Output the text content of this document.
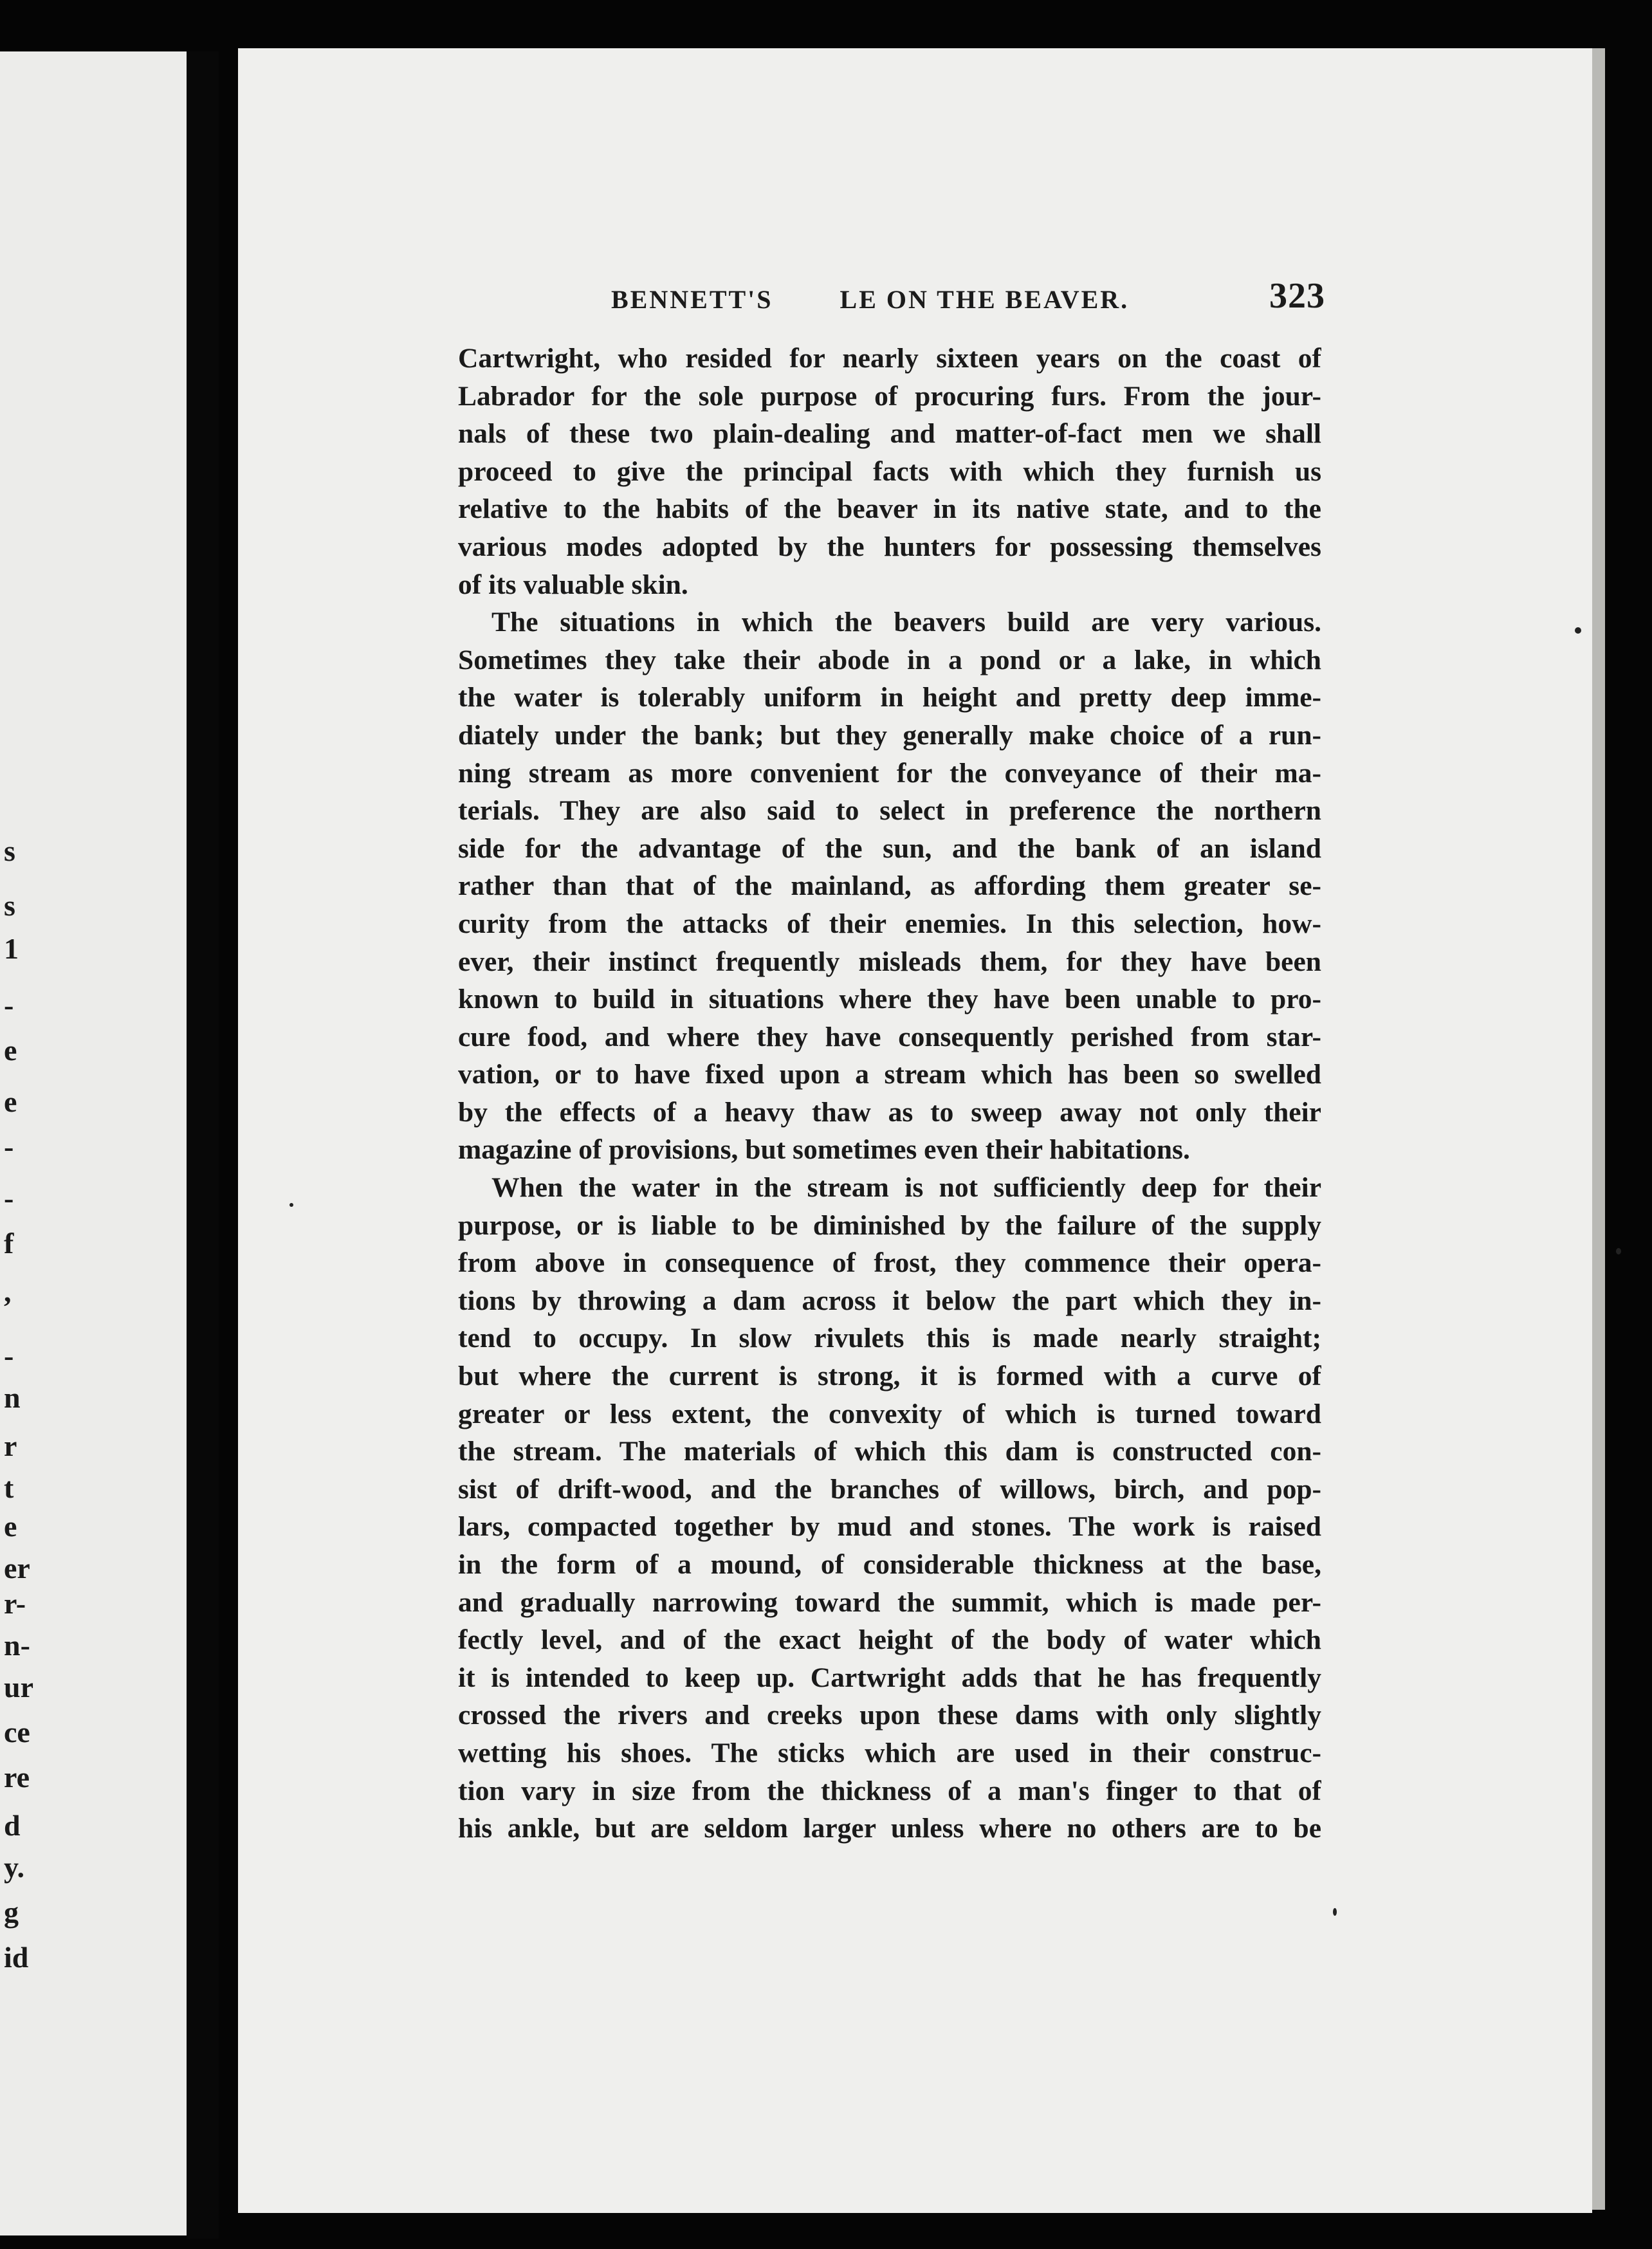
s
s
1
-
e
e
-
-
f
,
-
n
r
t
e
er
r-
n-
ur
ce
re
d
y.
g
id
BENNETT'S        LE ON THE BEAVER.	323
Cartwright, who resided for nearly sixteen years on the coast of
Labrador for the sole purpose of procuring furs. From the jour-
nals of these two plain-dealing and matter-of-fact men we shall
proceed to give the principal facts with which they furnish us
relative to the habits of the beaver in its native state, and to the
various modes adopted by the hunters for possessing themselves
of its valuable skin.
The situations in which the beavers build are very various.
Sometimes they take their abode in a pond or a lake, in which
the water is tolerably uniform in height and pretty deep imme-
diately under the bank; but they generally make choice of a run-
ning stream as more convenient for the conveyance of their ma-
terials. They are also said to select in preference the northern
side for the advantage of the sun, and the bank of an island
rather than that of the mainland, as affording them greater se-
curity from the attacks of their enemies. In this selection, how-
ever, their instinct frequently misleads them, for they have been
known to build in situations where they have been unable to pro-
cure food, and where they have consequently perished from star-
vation, or to have fixed upon a stream which has been so swelled
by the effects of a heavy thaw as to sweep away not only their
magazine of provisions, but sometimes even their habitations.
When the water in the stream is not sufficiently deep for their
purpose, or is liable to be diminished by the failure of the supply
from above in consequence of frost, they commence their opera-
tions by throwing a dam across it below the part which they in-
tend to occupy. In slow rivulets this is made nearly straight;
but where the current is strong, it is formed with a curve of
greater or less extent, the convexity of which is turned toward
the stream. The materials of which this dam is constructed con-
sist of drift-wood, and the branches of willows, birch, and pop-
lars, compacted together by mud and stones. The work is raised
in the form of a mound, of considerable thickness at the base,
and gradually narrowing toward the summit, which is made per-
fectly level, and of the exact height of the body of water which
it is intended to keep up. Cartwright adds that he has frequently
crossed the rivers and creeks upon these dams with only slightly
wetting his shoes. The sticks which are used in their construc-
tion vary in size from the thickness of a man's finger to that of
his ankle, but are seldom larger unless where no others are to be
